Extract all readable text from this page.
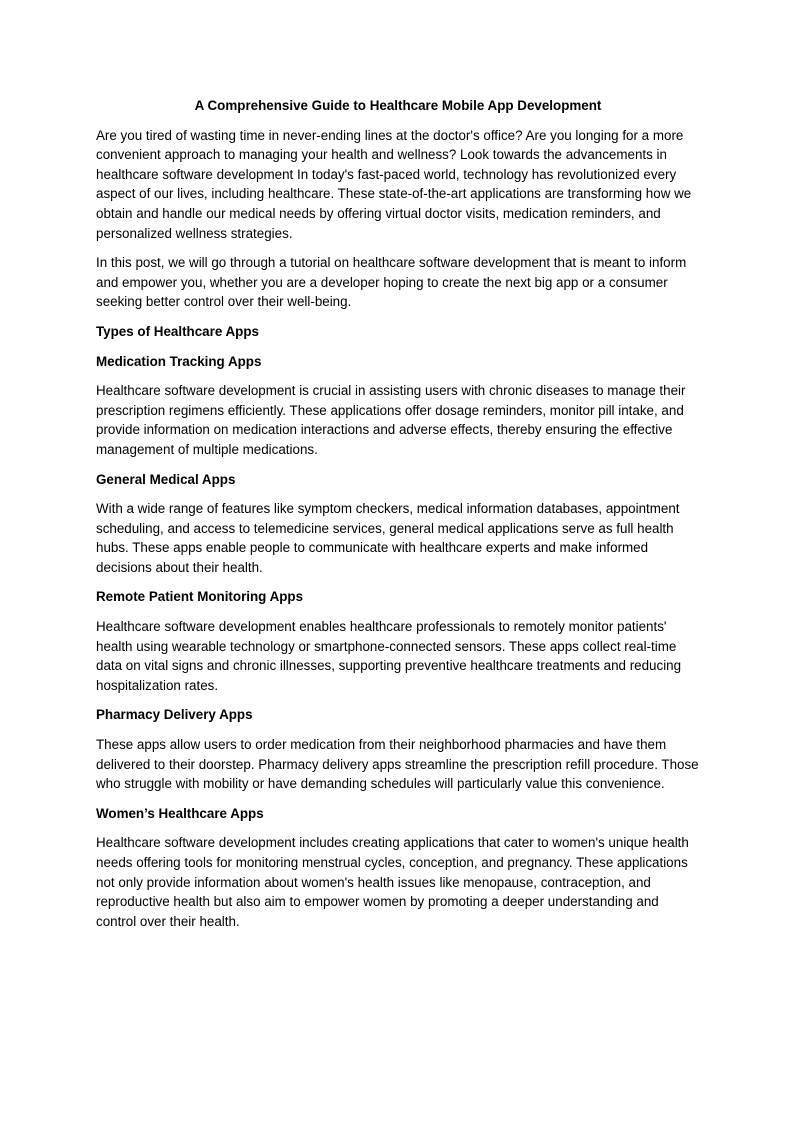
A Comprehensive Guide to Healthcare Mobile App Development

Are you tired of wasting time in never-ending lines at the doctor's office? Are you longing for a more convenient approach to managing your health and wellness? Look towards the advancements in healthcare software development In today's fast-paced world, technology has revolutionized every aspect of our lives, including healthcare. These state-of-the-art applications are transforming how we obtain and handle our medical needs by offering virtual doctor visits, medication reminders, and personalized wellness strategies.

In this post, we will go through a tutorial on healthcare software development that is meant to inform and empower you, whether you are a developer hoping to create the next big app or a consumer seeking better control over their well-being.

Types of Healthcare Apps
Medication Tracking Apps

Healthcare software development is crucial in assisting users with chronic diseases to manage their prescription regimens efficiently. These applications offer dosage reminders, monitor pill intake, and provide information on medication interactions and adverse effects, thereby ensuring the effective management of multiple medications.

General Medical Apps

With a wide range of features like symptom checkers, medical information databases, appointment scheduling, and access to telemedicine services, general medical applications serve as full health hubs. These apps enable people to communicate with healthcare experts and make informed decisions about their health.

Remote Patient Monitoring Apps

Healthcare software development enables healthcare professionals to remotely monitor patients' health using wearable technology or smartphone-connected sensors. These apps collect real-time data on vital signs and chronic illnesses, supporting preventive healthcare treatments and reducing hospitalization rates.

Pharmacy Delivery Apps

These apps allow users to order medication from their neighborhood pharmacies and have them delivered to their doorstep. Pharmacy delivery apps streamline the prescription refill procedure. Those who struggle with mobility or have demanding schedules will particularly value this convenience.

Women’s Healthcare Apps

Healthcare software development includes creating applications that cater to women's unique health needs offering tools for monitoring menstrual cycles, conception, and pregnancy. These applications not only provide information about women's health issues like menopause, contraception, and reproductive health but also aim to empower women by promoting a deeper understanding and control over their health.
